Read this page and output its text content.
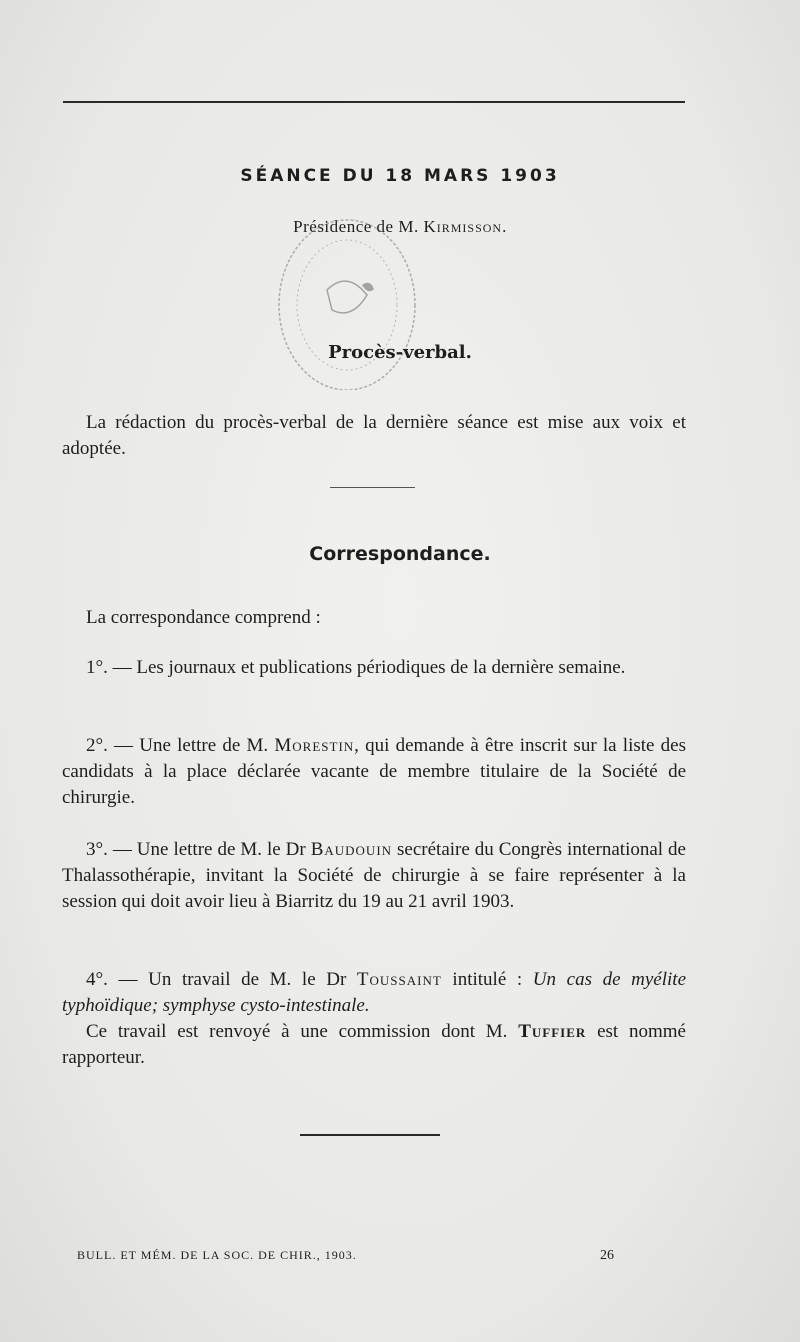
SÉANCE DU 18 MARS 1903
Présidence de M. Kirmisson.
Procès-verbal.
La rédaction du procès-verbal de la dernière séance est mise aux voix et adoptée.
Correspondance.
La correspondance comprend :
1°. — Les journaux et publications périodiques de la dernière semaine.
2°. — Une lettre de M. Morestin, qui demande à être inscrit sur la liste des candidats à la place déclarée vacante de membre titulaire de la Société de chirurgie.
3°. — Une lettre de M. le Dr Baudouin secrétaire du Congrès international de Thalassothérapie, invitant la Société de chirurgie à se faire représenter à la session qui doit avoir lieu à Biarritz du 19 au 21 avril 1903.
4°. — Un travail de M. le Dr Toussaint intitulé : Un cas de myélite typhoïdique; symphyse cysto-intestinale.
Ce travail est renvoyé à une commission dont M. Tuffier est nommé rapporteur.
BULL. ET MÉM. DE LA SOC. DE CHIR., 1903.	26
